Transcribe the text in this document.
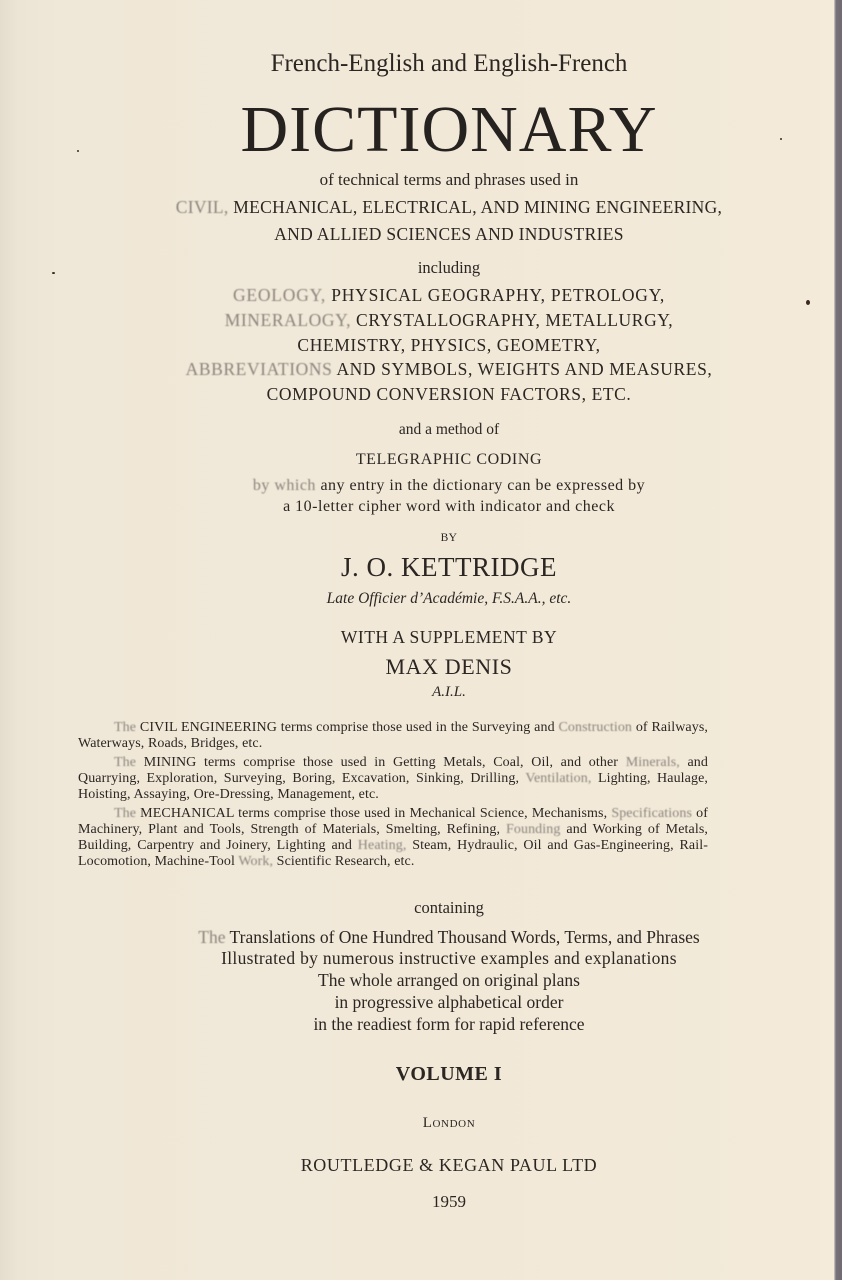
French-English and English-French
DICTIONARY
of technical terms and phrases used in
CIVIL, MECHANICAL, ELECTRICAL, AND MINING ENGINEERING,
AND ALLIED SCIENCES AND INDUSTRIES
including
GEOLOGY, PHYSICAL GEOGRAPHY, PETROLOGY,
MINERALOGY, CRYSTALLOGRAPHY, METALLURGY,
CHEMISTRY, PHYSICS, GEOMETRY,
ABBREVIATIONS AND SYMBOLS, WEIGHTS AND MEASURES,
COMPOUND CONVERSION FACTORS, ETC.
and a method of
TELEGRAPHIC CODING
by which any entry in the dictionary can be expressed by
a 10-letter cipher word with indicator and check
BY
J. O. KETTRIDGE
Late Officier d’Académie, F.S.A.A., etc.
WITH A SUPPLEMENT BY
MAX DENIS
A.I.L.
The CIVIL ENGINEERING terms comprise those used in the Surveying and Construction of Railways, Waterways, Roads, Bridges, etc.
The MINING terms comprise those used in Getting Metals, Coal, Oil, and other Minerals, and Quarrying, Exploration, Surveying, Boring, Excavation, Sinking, Drilling, Ventilation, Lighting, Haulage, Hoisting, Assaying, Ore-Dressing, Management, etc.
The MECHANICAL terms comprise those used in Mechanical Science, Mechanisms, Specifications of Machinery, Plant and Tools, Strength of Materials, Smelting, Refining, Founding and Working of Metals, Building, Carpentry and Joinery, Lighting and Heating, Steam, Hydraulic, Oil and Gas-Engineering, Rail-Locomotion, Machine-Tool Work, Scientific Research, etc.
containing
The Translations of One Hundred Thousand Words, Terms, and Phrases
Illustrated by numerous instructive examples and explanations
The whole arranged on original plans
in progressive alphabetical order
in the readiest form for rapid reference
VOLUME I
London
ROUTLEDGE & KEGAN PAUL LTD
1959
